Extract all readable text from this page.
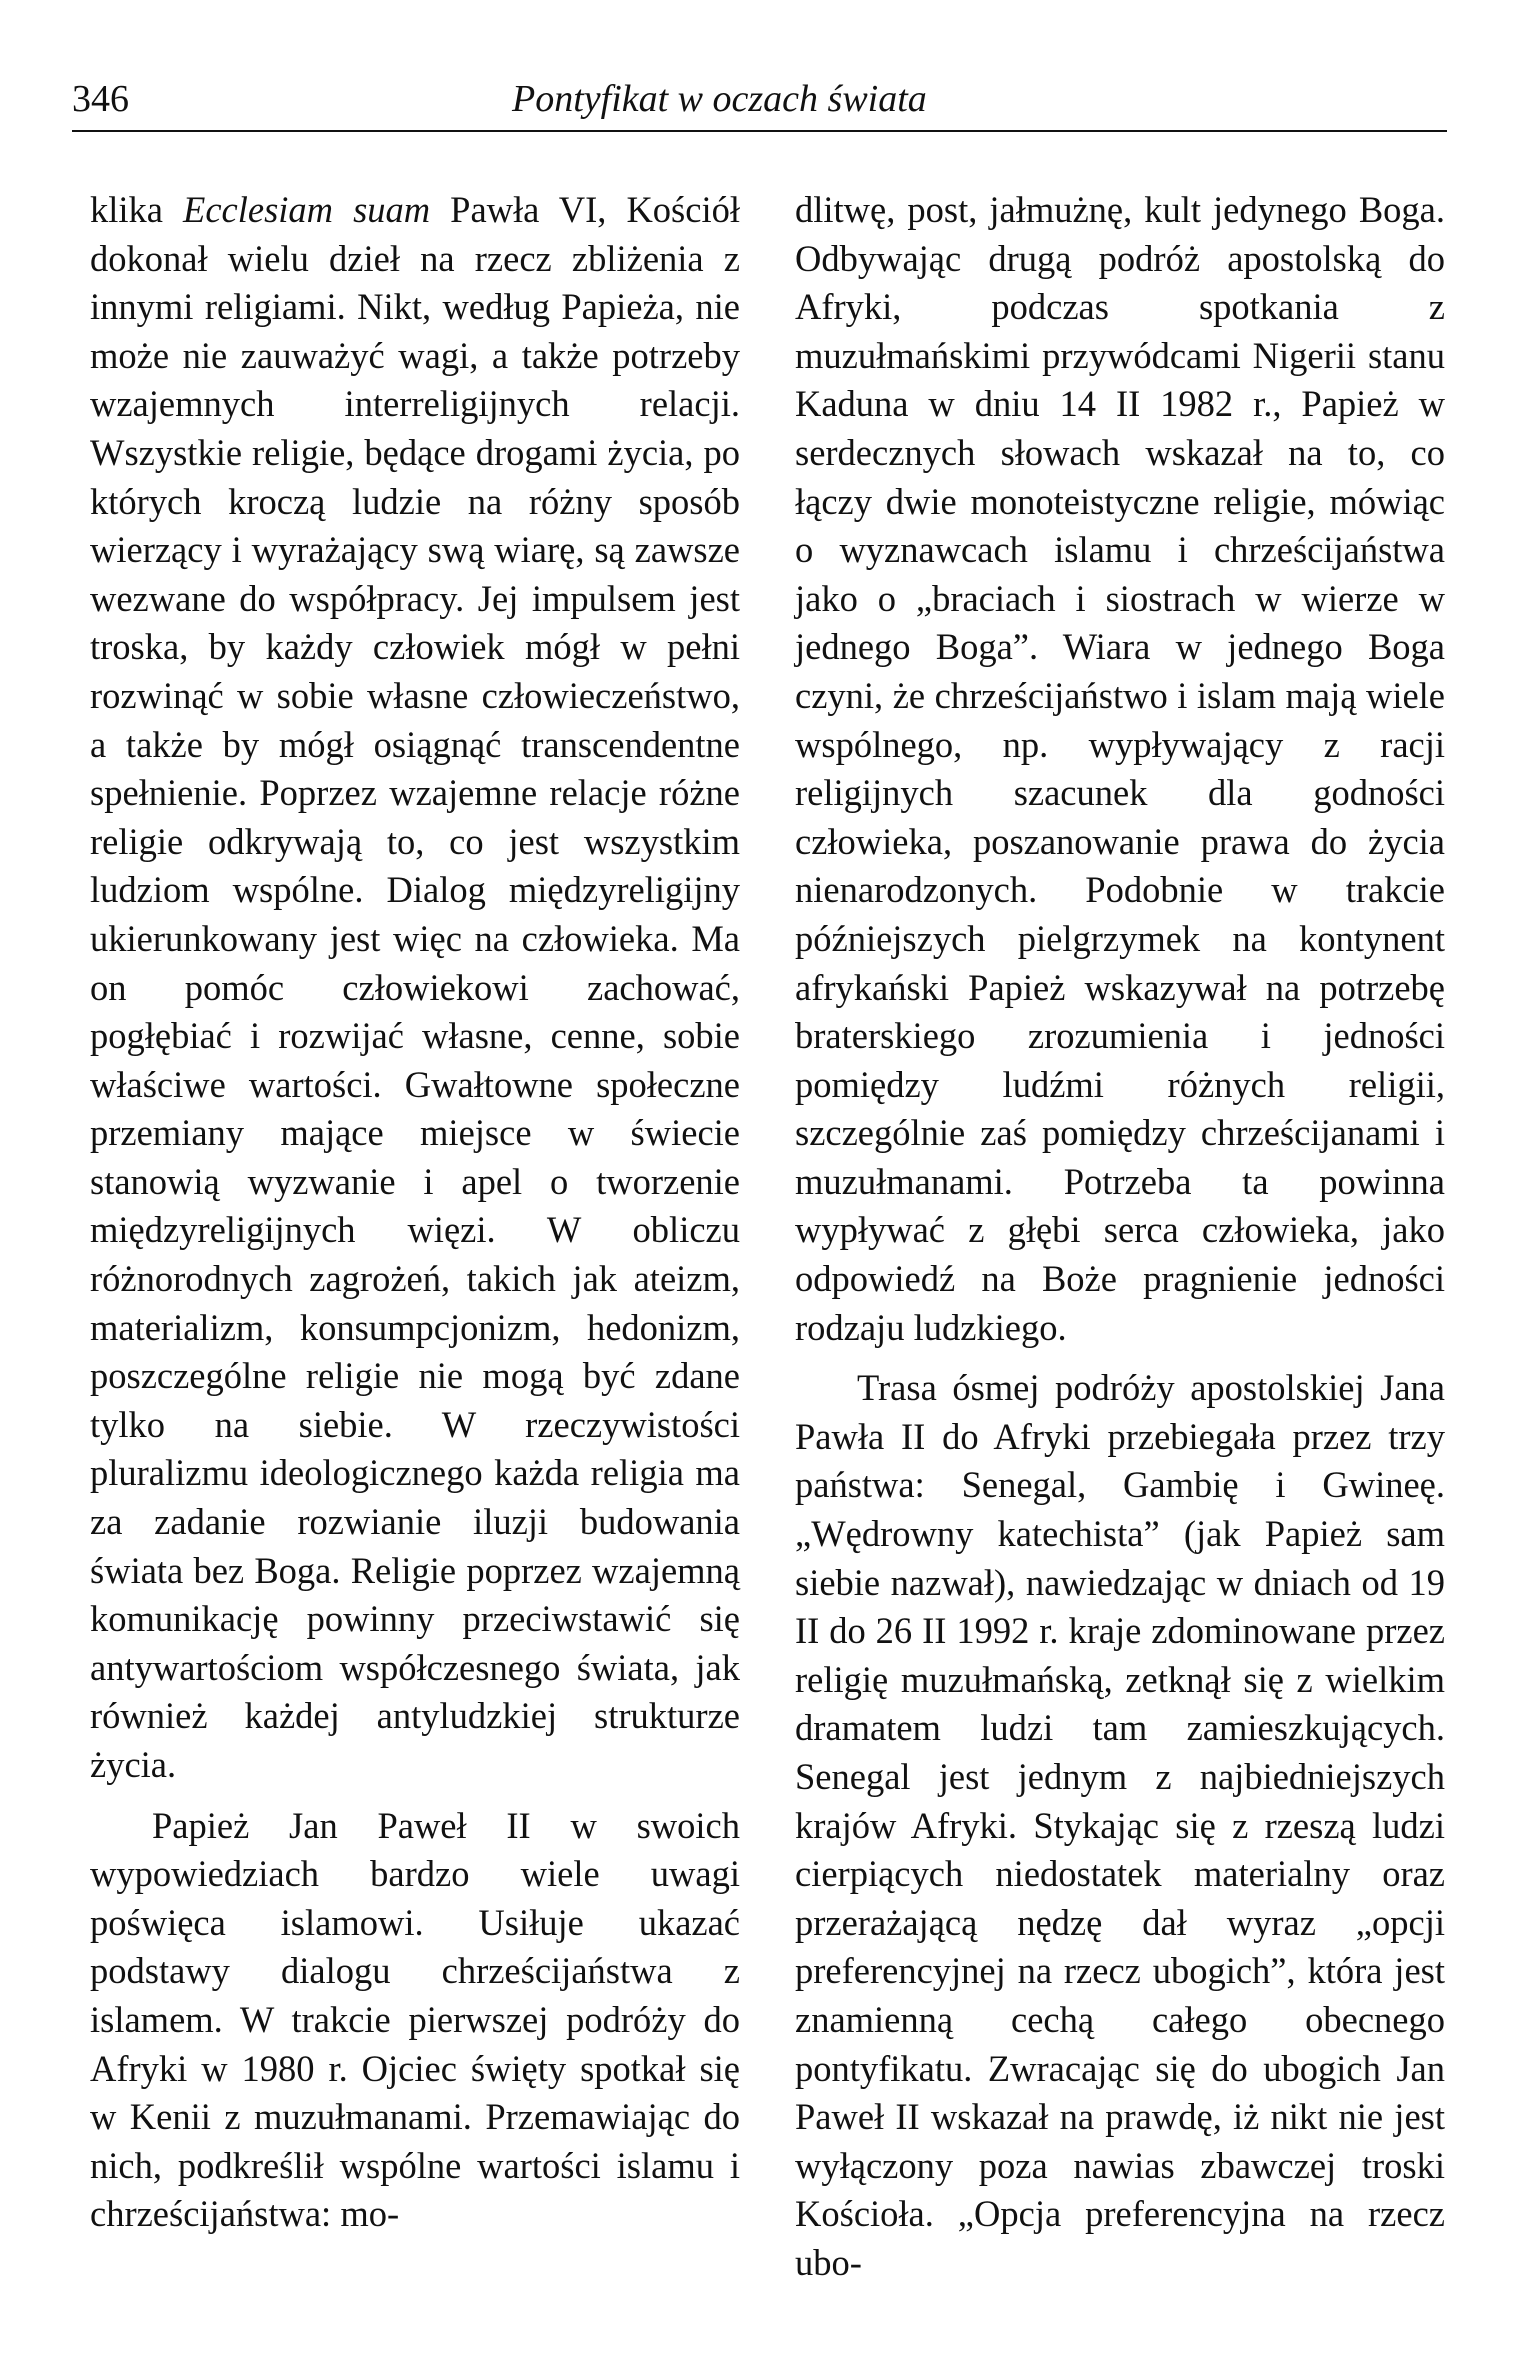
346	Pontyfikat w oczach świata

klika Ecclesiam suam Pawła VI, Kościół dokonał wielu dzieł na rzecz zbliżenia z innymi religiami. Nikt, według Papieża, nie może nie zauważyć wagi, a także potrzeby wzajemnych interreligijnych relacji. Wszystkie religie, będące drogami życia, po których kroczą ludzie na różny sposób wierzący i wyrażający swą wiarę, są zawsze wezwane do współpracy. Jej impulsem jest troska, by każdy człowiek mógł w pełni rozwinąć w sobie własne człowieczeństwo, a także by mógł osiągnąć transcendentne spełnienie. Poprzez wzajemne relacje różne religie odkrywają to, co jest wszystkim ludziom wspólne. Dialog międzyreligijny ukierunkowany jest więc na człowieka. Ma on pomóc człowiekowi zachować, pogłębiać i rozwijać własne, cenne, sobie właściwe wartości. Gwałtowne społeczne przemiany mające miejsce w świecie stanowią wyzwanie i apel o tworzenie międzyreligijnych więzi. W obliczu różnorodnych zagrożeń, takich jak ateizm, materializm, konsumpcjonizm, hedonizm, poszczególne religie nie mogą być zdane tylko na siebie. W rzeczywistości pluralizmu ideologicznego każda religia ma za zadanie rozwianie iluzji budowania świata bez Boga. Religie poprzez wzajemną komunikację powinny przeciwstawić się antywartościom współczesnego świata, jak również każdej antyludzkiej strukturze życia.

Papież Jan Paweł II w swoich wypowiedziach bardzo wiele uwagi poświęca islamowi. Usiłuje ukazać podstawy dialogu chrześcijaństwa z islamem. W trakcie pierwszej podróży do Afryki w 1980 r. Ojciec święty spotkał się w Kenii z muzułmanami. Przemawiając do nich, podkreślił wspólne wartości islamu i chrześcijaństwa: mo-

dlitwę, post, jałmużnę, kult jedynego Boga. Odbywając drugą podróż apostolską do Afryki, podczas spotkania z muzułmańskimi przywódcami Nigerii stanu Kaduna w dniu 14 II 1982 r., Papież w serdecznych słowach wskazał na to, co łączy dwie monoteistyczne religie, mówiąc o wyznawcach islamu i chrześcijaństwa jako o „braciach i siostrach w wierze w jednego Boga”. Wiara w jednego Boga czyni, że chrześcijaństwo i islam mają wiele wspólnego, np. wypływający z racji religijnych szacunek dla godności człowieka, poszanowanie prawa do życia nienarodzonych. Podobnie w trakcie późniejszych pielgrzymek na kontynent afrykański Papież wskazywał na potrzebę braterskiego zrozumienia i jedności pomiędzy ludźmi różnych religii, szczególnie zaś pomiędzy chrześcijanami i muzułmanami. Potrzeba ta powinna wypływać z głębi serca człowieka, jako odpowiedź na Boże pragnienie jedności rodzaju ludzkiego.

Trasa ósmej podróży apostolskiej Jana Pawła II do Afryki przebiegała przez trzy państwa: Senegal, Gambię i Gwineę. „Wędrowny katechista” (jak Papież sam siebie nazwał), nawiedzając w dniach od 19 II do 26 II 1992 r. kraje zdominowane przez religię muzułmańską, zetknął się z wielkim dramatem ludzi tam zamieszkujących. Senegal jest jednym z najbiedniejszych krajów Afryki. Stykając się z rzeszą ludzi cierpiących niedostatek materialny oraz przerażającą nędzę dał wyraz „opcji preferencyjnej na rzecz ubogich”, która jest znamienną cechą całego obecnego pontyfikatu. Zwracając się do ubogich Jan Paweł II wskazał na prawdę, iż nikt nie jest wyłączony poza nawias zbawczej troski Kościoła. „Opcja preferencyjna na rzecz ubo-
